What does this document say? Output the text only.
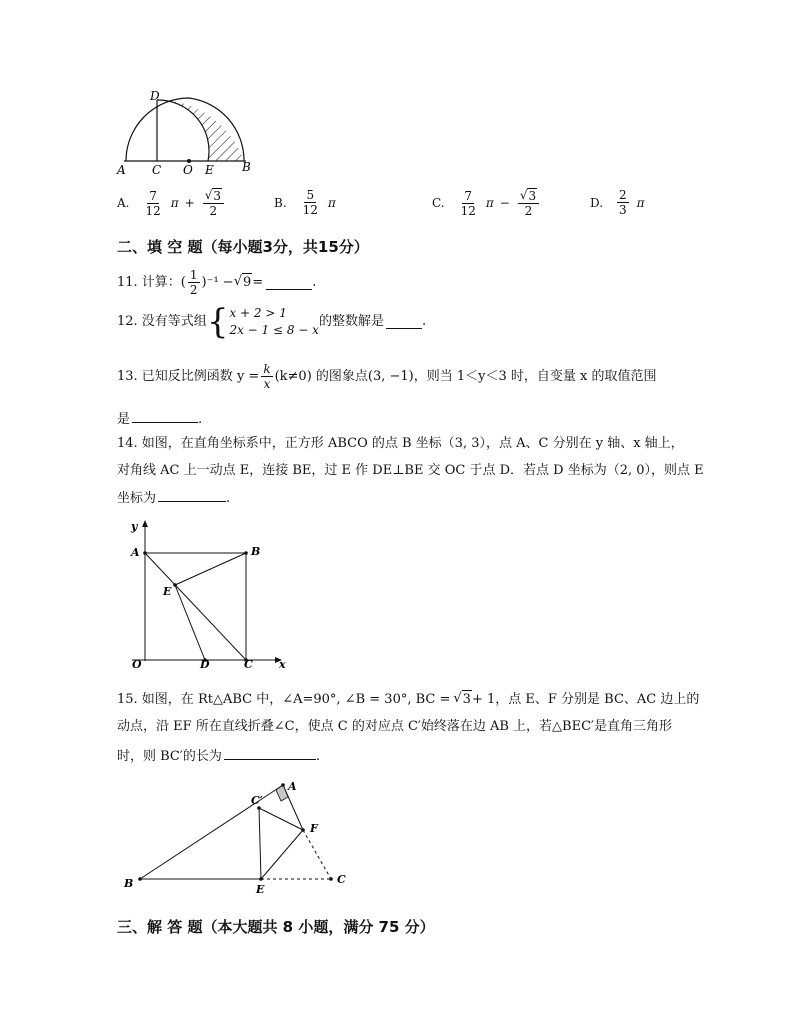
D
A C O E B
A. $\frac{7}{12}$ $\pi + \frac{√ 3}{2}$	B. $\frac{5}{12}$ π	C. $\frac{7}{12}$ $\pi - \frac{√ 3}{2}$	D. $\frac{2}{3}$ π
二、填 空 题（每小题3分，共15分）
11. 计算：( $\frac{1}{2} )^{-1}$ − √ 9 =	.
12. 没有等式组 { x + 2 > 1
2x − 1 ≤ 8 − x
的整数解是	.
13. 已知反比例函数 $y = \frac{k}{x} (k\ne 0)$ 的图象点(3, −1)，则当 1＜y＜3 时，自变量 x 的取值范围
是	.
14. 如图，在直角坐标系中，正方形 ABCO 的点 B 坐标（3, 3），点 A、C 分别在 y 轴、x 轴上，
对角线 AC 上一动点 E，连接 BE，过 E 作 DE⊥BE 交 OC 于点 D．若点 D 坐标为（2, 0），则点 E
坐标为	.
y
A	B
E
O	D	C x
15. 如图，在 Rt△ABC 中，∠A=90°, ∠B = 30°, BC = √ 3 + 1，点 E、F 分别是 BC、AC 边上的
动点，沿 EF 所在直线折叠∠C，使点 C 的对应点 C′始终落在边 AB 上，若△BEC′是直角三角形
时，则 BC′的长为	.
C′
A
F
B	E
C
三、解 答 题（本大题共 8 小题，满分 75 分）
